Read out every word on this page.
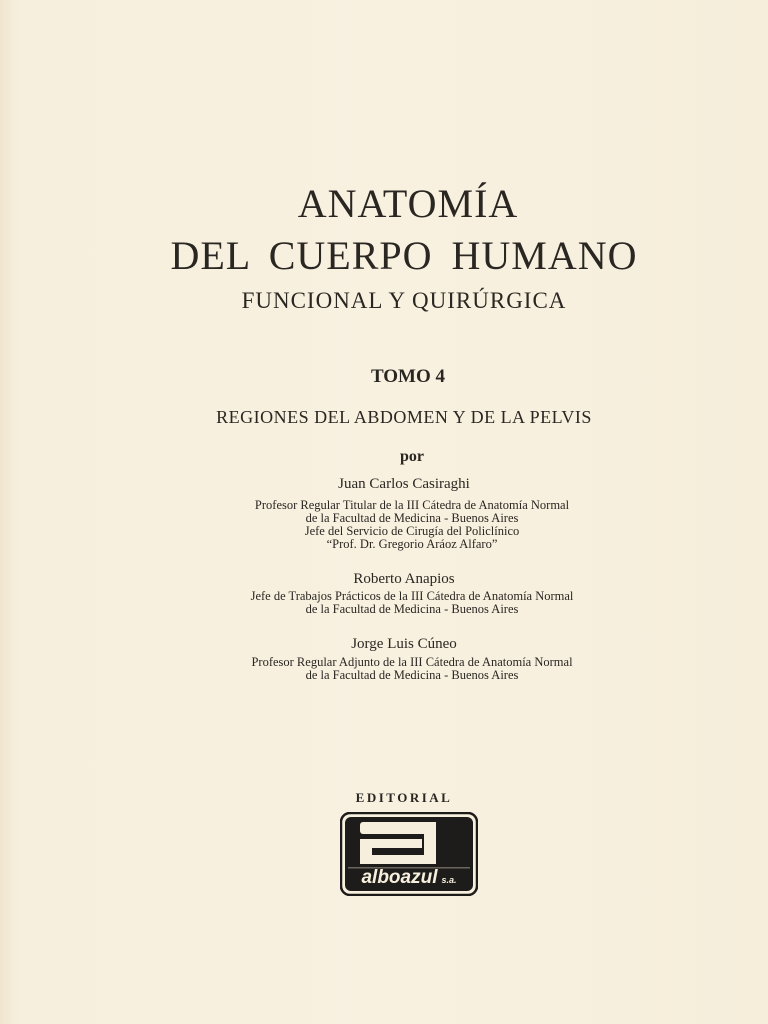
ANATOMÍA
DEL CUERPO HUMANO
FUNCIONAL Y QUIRÚRGICA
TOMO 4
REGIONES DEL ABDOMEN Y DE LA PELVIS
por
Juan Carlos Casiraghi
Profesor Regular Titular de la III Cátedra de Anatomía Normal
de la Facultad de Medicina - Buenos Aires
Jefe del Servicio de Cirugía del Policlínico
“Prof. Dr. Gregorio Aráoz Alfaro”
Roberto Anapios
Jefe de Trabajos Prácticos de la III Cátedra de Anatomía Normal
de la Facultad de Medicina - Buenos Aires
Jorge Luis Cúneo
Profesor Regular Adjunto de la III Cátedra de Anatomía Normal
de la Facultad de Medicina - Buenos Aires
EDITORIAL
alboazul s.a.
